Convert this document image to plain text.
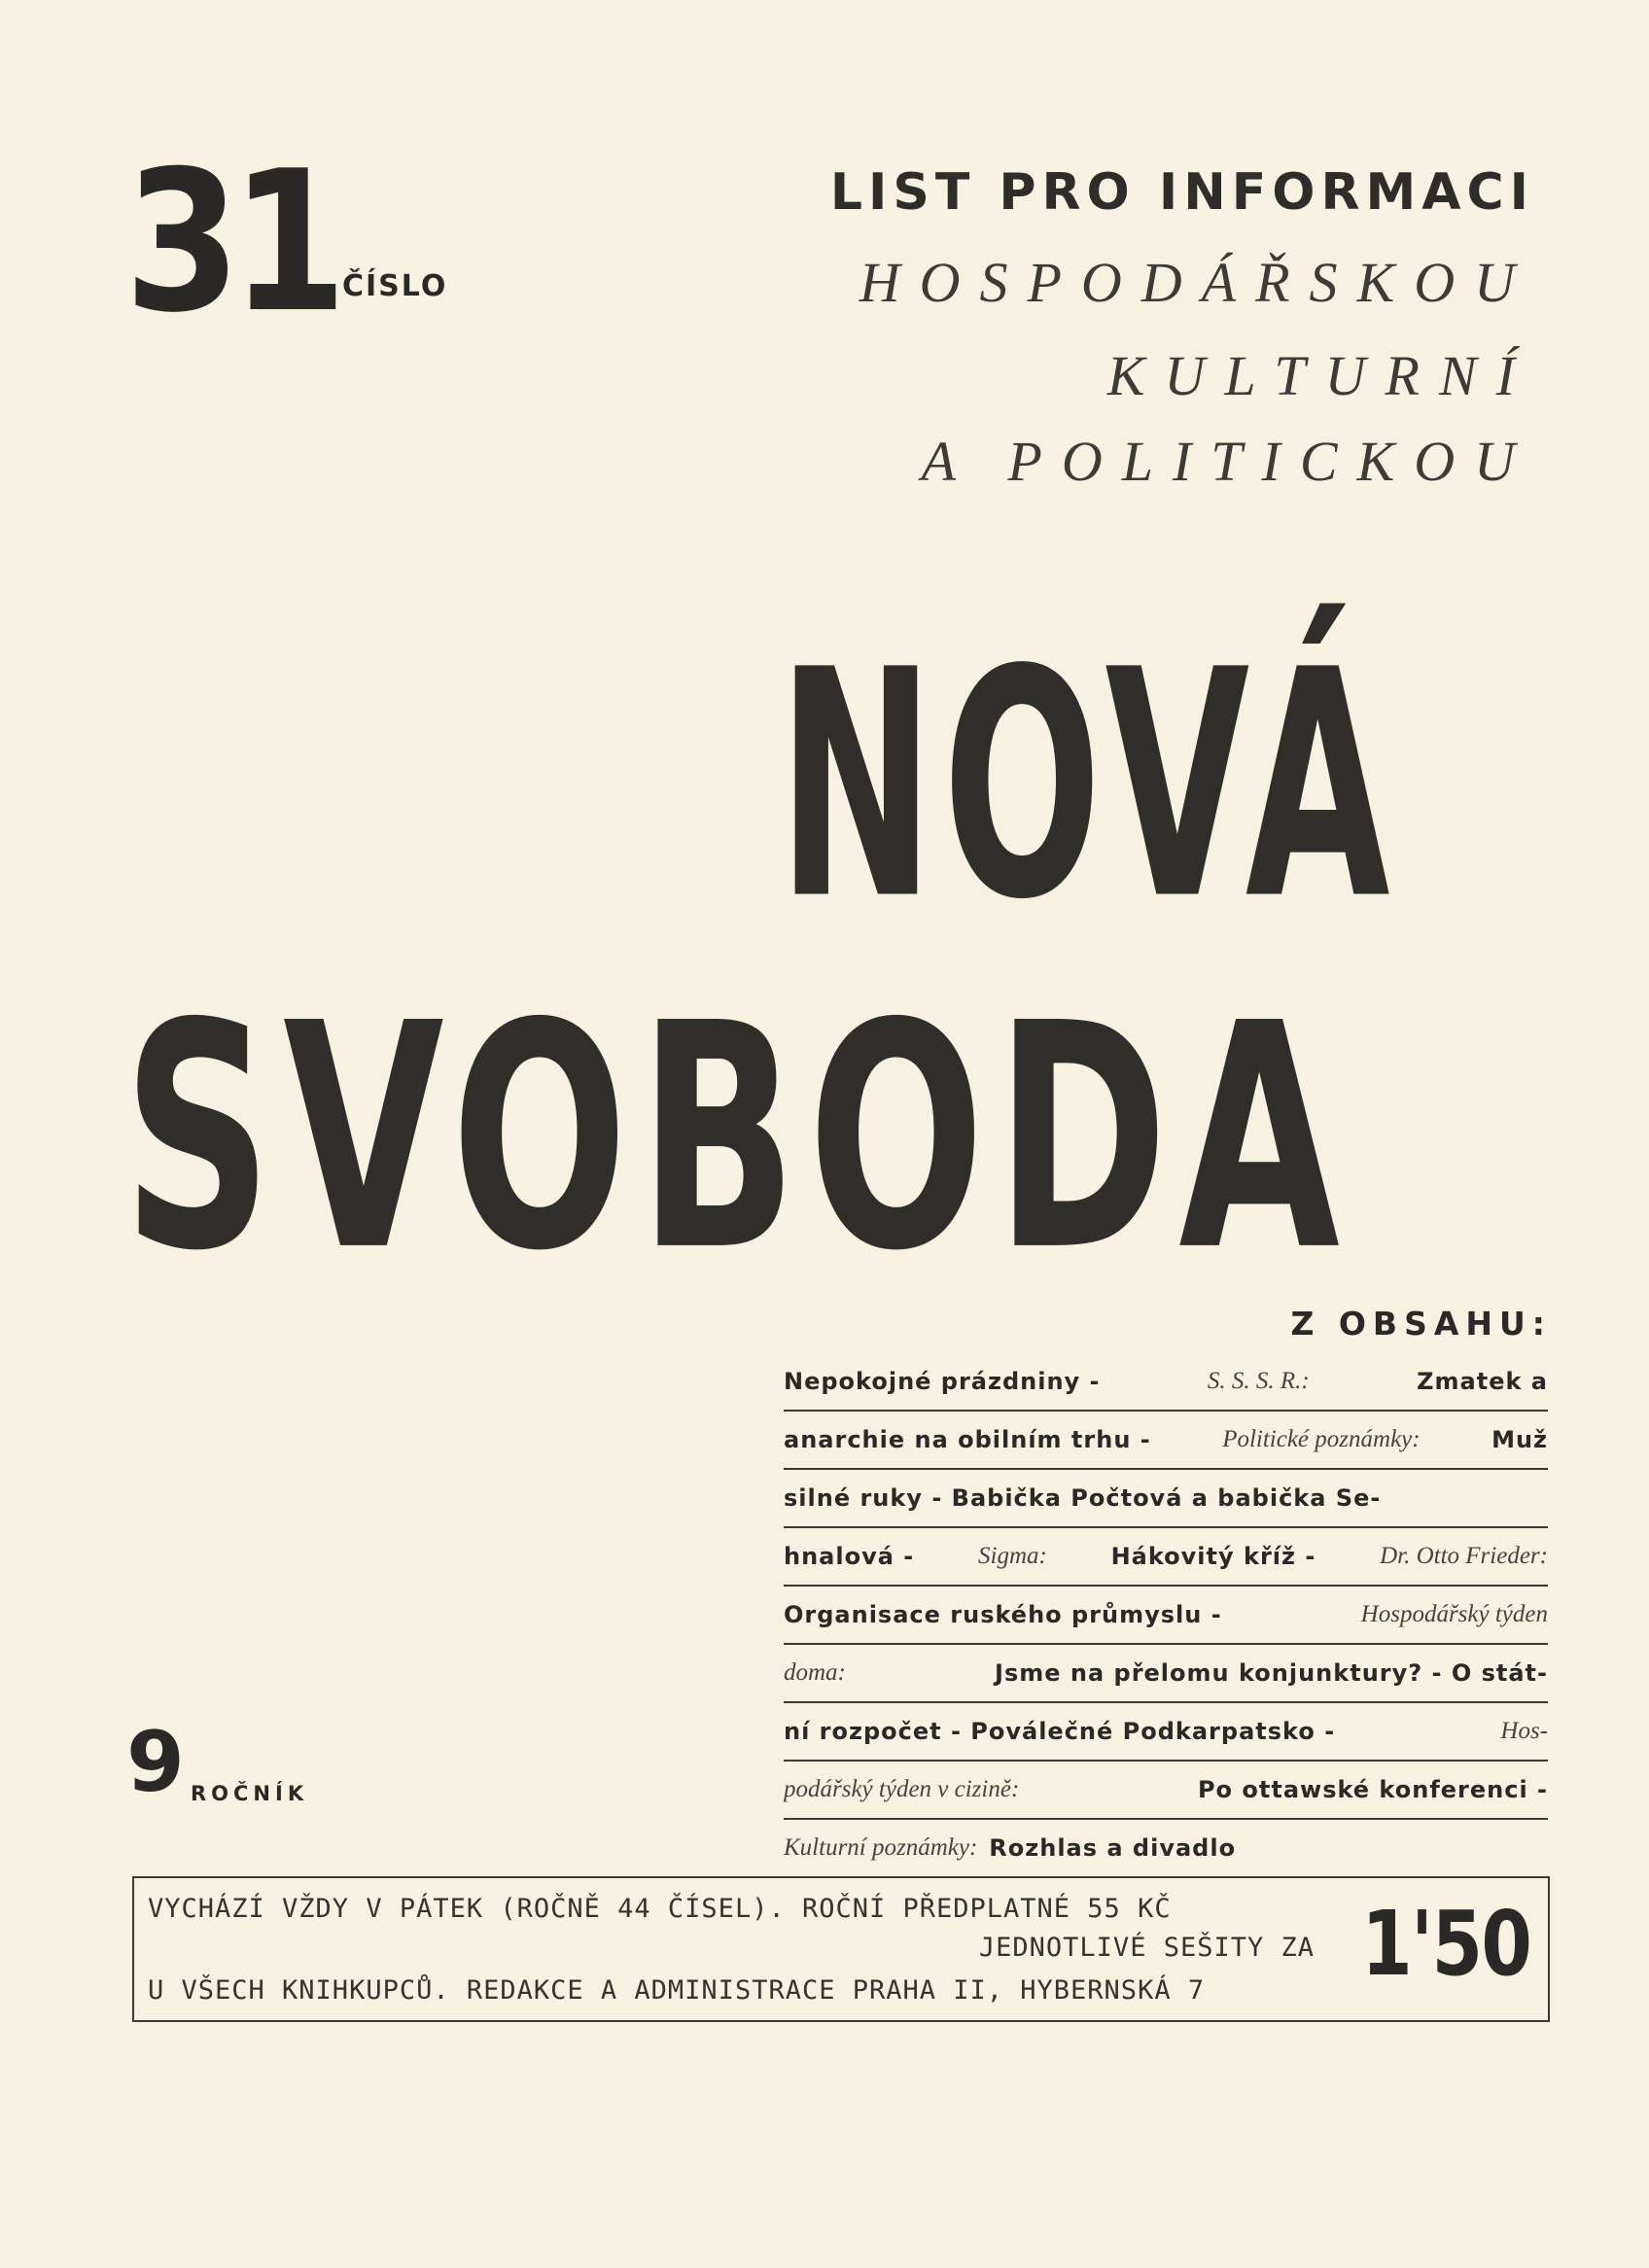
31 ČÍSLO
LIST PRO INFORMACI
HOSPODÁŘSKOU
KULTURNÍ
A POLITICKOU
NOVÁ
SVOBODA
Z OBSAHU:
Nepokojné prázdniny -	S. S. S. R.:	Zmatek a
anarchie na obilním trhu -	Politické poznámky:	Muž
silné ruky - Babička Počtová a babička Se-
hnalová -	Sigma:	Hákovitý kříž -	Dr. Otto Frieder:
Organisace ruského průmyslu -	Hospodářský týden
doma:	Jsme na přelomu konjunktury? - O stát-
ní rozpočet - Poválečné Podkarpatsko -	Hos-
podářský týden v cizině:	Po ottawské konferenci -
Kulturní poznámky: Rozhlas a divadlo
9 ROČNÍK
VYCHÁZÍ VŽDY V PÁTEK (ROČNĚ 44 ČÍSEL). ROČNÍ PŘEDPLATNÉ 55 KČ
JEDNOTLIVÉ SEŠITY ZA
U VŠECH KNIHKUPCŮ. REDAKCE A ADMINISTRACE PRAHA II, HYBERNSKÁ 7 1'50
